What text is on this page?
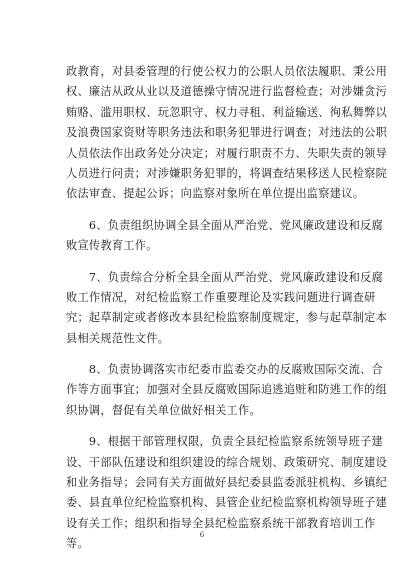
政教育，对县委管理的行使公权力的公职人员依法履职、秉公用
权、廉洁从政从业以及道德操守情况进行监督检查；对涉嫌贪污
贿赂、滥用职权、玩忽职守、权力寻租、利益输送、徇私舞弊以
及浪费国家资财等职务违法和职务犯罪进行调查；对违法的公职
人员依法作出政务处分决定；对履行职责不力、失职失责的领导
人员进行问责；对涉嫌职务犯罪的，将调查结果移送人民检察院
依法审查、提起公诉；向监察对象所在单位提出监察建议。
　　6、负责组织协调全县全面从严治党、党风廉政建设和反腐
败宣传教育工作。
　　7、负责综合分析全县全面从严治党、党风廉政建设和反腐
败工作情况，对纪检监察工作重要理论及实践问题进行调查研
究；起草制定或者修改本县纪检监察制度规定，参与起草制定本
县相关规范性文件。
　　8、负责协调落实市纪委市监委交办的反腐败国际交流、合
作等方面事宜；加强对全县反腐败国际追逃追赃和防逃工作的组
织协调，督促有关单位做好相关工作。
　　9、根据干部管理权限，负责全县纪检监察系统领导班子建
设、干部队伍建设和组织建设的综合规划、政策研究、制度建设
和业务指导；会同有关方面做好县纪委县监委派驻机构、乡镇纪
委、县直单位纪检监察机构、县管企业纪检监察机构领导班子建
设有关工作；组织和指导全县纪检监察系统干部教育培训工作
等。
6
